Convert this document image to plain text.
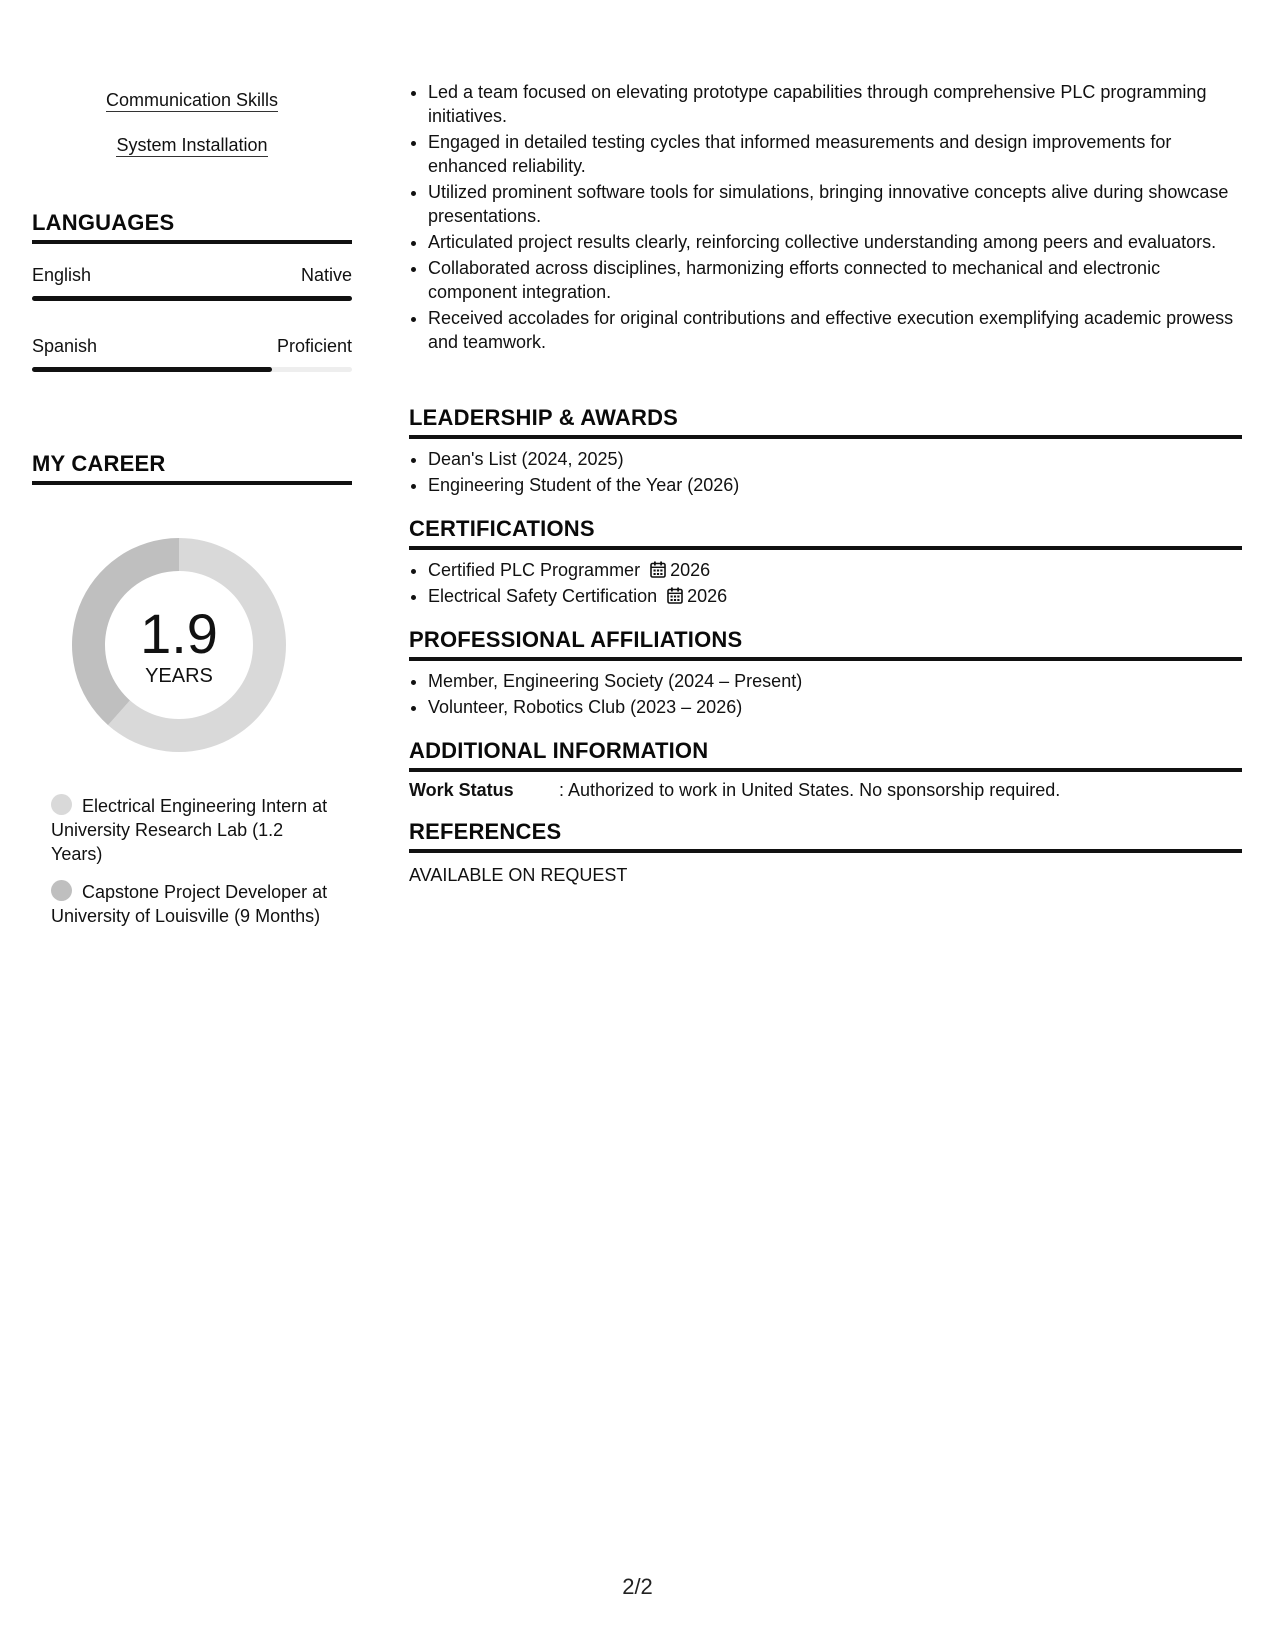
Communication Skills
System Installation
LANGUAGES
English	Native
Spanish	Proficient
MY CAREER
1.9
YEARS
Electrical Engineering Intern at University Research Lab (1.2 Years)
Capstone Project Developer at University of Louisville (9 Months)
• Led a team focused on elevating prototype capabilities through comprehensive PLC programming initiatives.
• Engaged in detailed testing cycles that informed measurements and design improvements for enhanced reliability.
• Utilized prominent software tools for simulations, bringing innovative concepts alive during showcase presentations.
• Articulated project results clearly, reinforcing collective understanding among peers and evaluators.
• Collaborated across disciplines, harmonizing efforts connected to mechanical and electronic component integration.
• Received accolades for original contributions and effective execution exemplifying academic prowess and teamwork.
LEADERSHIP & AWARDS
• Dean's List (2024, 2025)
• Engineering Student of the Year (2026)
CERTIFICATIONS
• Certified PLC Programmer 2026
• Electrical Safety Certification 2026
PROFESSIONAL AFFILIATIONS
• Member, Engineering Society (2024 – Present)
• Volunteer, Robotics Club (2023 – 2026)
ADDITIONAL INFORMATION
Work Status	: Authorized to work in United States. No sponsorship required.
REFERENCES
AVAILABLE ON REQUEST
2/2
